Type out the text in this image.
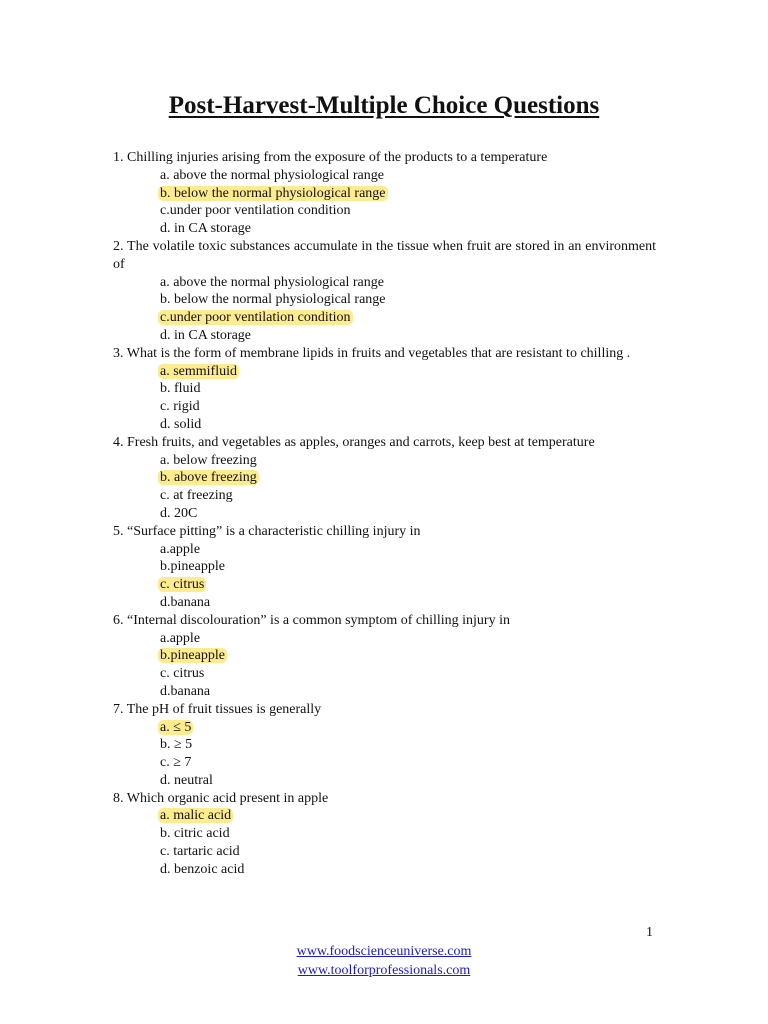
Post-Harvest-Multiple Choice Questions
1. Chilling injuries arising from the exposure of the products to a temperature
a. above the normal physiological range
b. below the normal physiological range
c.under poor ventilation condition
d. in CA storage
2. The volatile toxic substances accumulate in the tissue when fruit are stored in an environment of
a. above the normal physiological range
b. below the normal physiological range
c.under poor ventilation condition
d. in CA storage
3. What is the form of membrane lipids in fruits and vegetables that are resistant to chilling .
a. semmifluid
b. fluid
c. rigid
d. solid
4. Fresh fruits, and vegetables as apples, oranges and carrots, keep best at temperature
a. below freezing
b. above freezing
c. at freezing
d. 20C
5. “Surface pitting” is a characteristic chilling injury in
a.apple
b.pineapple
c. citrus
d.banana
6. “Internal discolouration” is a common symptom of chilling injury in
a.apple
b.pineapple
c. citrus
d.banana
7. The pH of fruit tissues is generally
a. ≤ 5
b. ≥ 5
c. ≥ 7
d. neutral
8. Which organic acid present in apple
a. malic acid
b. citric acid
c. tartaric acid
d. benzoic acid
1
www.foodscienceuniverse.com
www.toolforprofessionals.com
